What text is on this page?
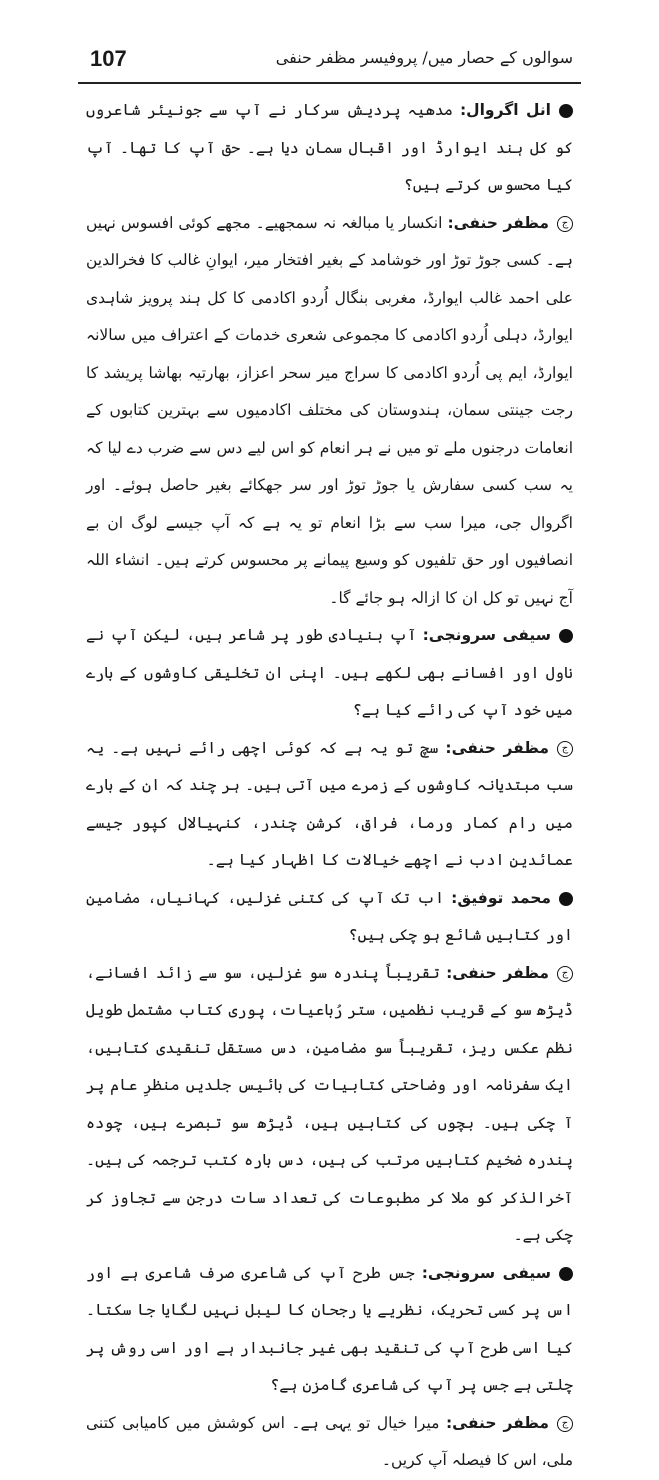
107	سوالوں کے حصار میں/ پروفیسر مظفر حنفی

انل اگروال: مدھیہ پردیش سرکار نے آپ سے جونیئر شاعروں کو کل ہند ایوارڈ اور اقبال سمان دیا ہے۔ حق آپ کا تھا۔ آپ کیا محسوس کرتے ہیں؟

جمظفر حنفی: انکسار یا مبالغہ نہ سمجھیے۔ مجھے کوئی افسوس نہیں ہے۔ کسی جوڑ توڑ اور خوشامد کے بغیر افتخار میر، ایوانِ غالب کا فخرالدین علی احمد غالب ایوارڈ، مغربی بنگال اُردو اکادمی کا کل ہند پرویز شاہدی ایوارڈ، دہلی اُردو اکادمی کا مجموعی شعری خدمات کے اعتراف میں سالانہ ایوارڈ، ایم پی اُردو اکادمی کا سراج میر سحر اعزاز، بھارتیہ بھاشا پریشد کا رجت جینتی سمان، ہندوستان کی مختلف اکادمیوں سے بہترین کتابوں کے انعامات درجنوں ملے تو میں نے ہر انعام کو اس لیے دس سے ضرب دے لیا کہ یہ سب کسی سفارش یا جوڑ توڑ اور سر جھکائے بغیر حاصل ہوئے۔ اور اگروال جی، میرا سب سے بڑا انعام تو یہ ہے کہ آپ جیسے لوگ ان بے انصافیوں اور حق تلفیوں کو وسیع پیمانے پر محسوس کرتے ہیں۔ انشاء اللہ آج نہیں تو کل ان کا ازالہ ہو جائے گا۔

سیفی سرونجی: آپ بنیادی طور پر شاعر ہیں، لیکن آپ نے ناول اور افسانے بھی لکھے ہیں۔ اپنی ان تخلیقی کاوشوں کے بارے میں خود آپ کی رائے کیا ہے؟

جمظفر حنفی: سچ تو یہ ہے کہ کوئی اچھی رائے نہیں ہے۔ یہ سب مبتدیانہ کاوشوں کے زمرے میں آتی ہیں۔ ہر چند کہ ان کے بارے میں رام کمار ورما، فراق، کرشن چندر، کنہیالال کپور جیسے عمائدینِ ادب نے اچھے خیالات کا اظہار کیا ہے۔

محمد توفیق: اب تک آپ کی کتنی غزلیں، کہانیاں، مضامین اور کتابیں شائع ہو چکی ہیں؟

جمظفر حنفی: تقریباً پندرہ سو غزلیں، سو سے زائد افسانے، ڈیڑھ سو کے قریب نظمیں، ستر رُباعیات، پوری کتاب مشتمل طویل نظم عکس ریز، تقریباً سو مضامین، دس مستقل تنقیدی کتابیں، ایک سفرنامہ اور وضاحتی کتابیات کی بائیس جلدیں منظرِ عام پر آ چکی ہیں۔ بچوں کی کتابیں ہیں، ڈیڑھ سو تبصرے ہیں، چودہ پندرہ ضخیم کتابیں مرتب کی ہیں، دس بارہ کتب ترجمہ کی ہیں۔ آخرالذکر کو ملا کر مطبوعات کی تعداد سات درجن سے تجاوز کر چکی ہے۔

سیفی سرونجی: جس طرح آپ کی شاعری صرف شاعری ہے اور اس پر کسی تحریک، نظریے یا رجحان کا لیبل نہیں لگایا جا سکتا۔ کیا اسی طرح آپ کی تنقید بھی غیر جانبدار ہے اور اسی روش پر چلتی ہے جس پر آپ کی شاعری گامزن ہے؟

جمظفر حنفی: میرا خیال تو یہی ہے۔ اس کوشش میں کامیابی کتنی ملی، اس کا فیصلہ آپ کریں۔
